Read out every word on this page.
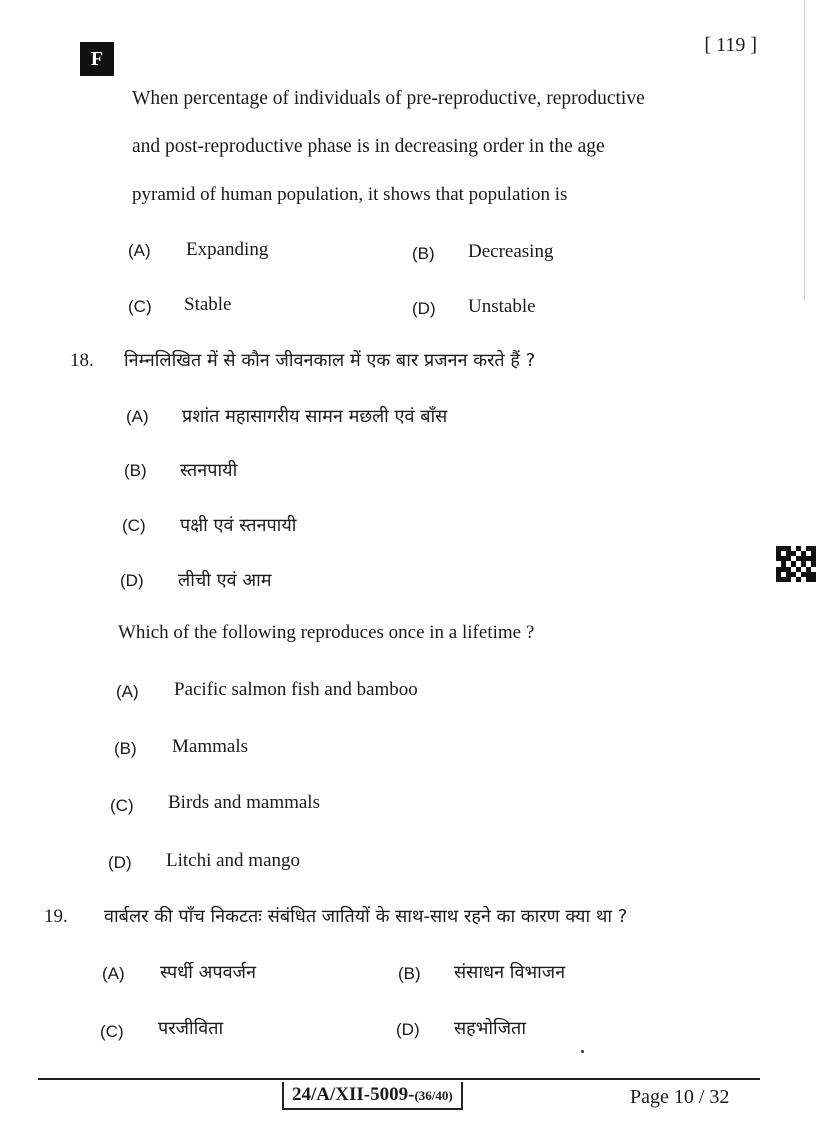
F
[ 119 ]
When percentage of individuals of pre-reproductive, reproductive
and post-reproductive phase is in decreasing order in the age
pyramid of human population, it shows that population is
(A) Expanding	(B) Decreasing
(C) Stable	(D) Unstable
18. निम्नलिखित में से कौन जीवनकाल में एक बार प्रजनन करते हैं ?
(A) प्रशांत महासागरीय सामन मछली एवं बाँस
(B) स्तनपायी
(C) पक्षी एवं स्तनपायी
(D) लीची एवं आम
Which of the following reproduces once in a lifetime ?
(A) Pacific salmon fish and bamboo
(B) Mammals
(C) Birds and mammals
(D) Litchi and mango
19. वार्बलर की पाँच निकटतः संबंधित जातियों के साथ-साथ रहने का कारण क्या था ?
(A) स्पर्धी अपवर्जन	(B) संसाधन विभाजन
(C) परजीविता	(D) सहभोजिता
24/A/XII-5009-(36/40)	Page 10 / 32
